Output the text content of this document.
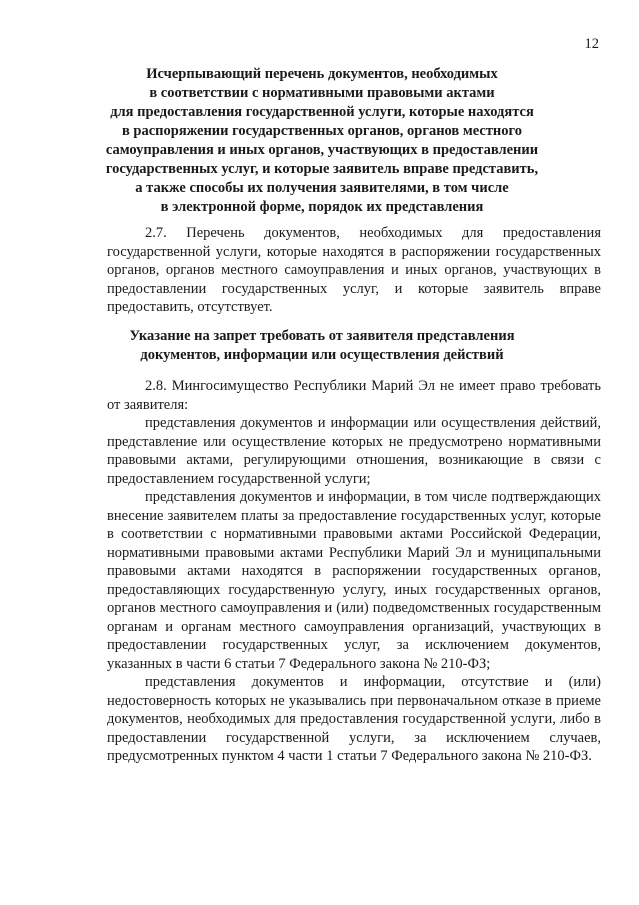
12
Исчерпывающий перечень документов, необходимых
в соответствии с нормативными правовыми актами
для предоставления государственной услуги, которые находятся
в распоряжении государственных органов, органов местного
самоуправления и иных органов, участвующих в предоставлении
государственных услуг, и которые заявитель вправе представить,
а также способы их получения заявителями, в том числе
в электронной форме, порядок их представления

2.7. Перечень документов, необходимых для предоставления государственной услуги, которые находятся в распоряжении государственных органов, органов местного самоуправления и иных органов, участвующих в предоставлении государственных услуг, и которые заявитель вправе предоставить, отсутствует.

Указание на запрет требовать от заявителя представления
документов, информации или осуществления действий

2.8. Мингосимущество Республики Марий Эл не имеет право требовать от заявителя:

представления документов и информации или осуществления действий, представление или осуществление которых не предусмотрено нормативными правовыми актами, регулирующими отношения, возникающие в связи с предоставлением государственной услуги;

представления документов и информации, в том числе подтверждающих внесение заявителем платы за предоставление государственных услуг, которые в соответствии с нормативными правовыми актами Российской Федерации, нормативными правовыми актами Республики Марий Эл и муниципальными правовыми актами находятся в распоряжении государственных органов, предоставляющих государственную услугу, иных государственных органов, органов местного самоуправления и (или) подведомственных государственным органам и органам местного самоуправления организаций, участвующих в предоставлении государственных услуг, за исключением документов, указанных в части 6 статьи 7 Федерального закона № 210-ФЗ;

представления документов и информации, отсутствие и (или) недостоверность которых не указывались при первоначальном отказе в приеме документов, необходимых для предоставления государственной услуги, либо в предоставлении государственной услуги, за исключением случаев, предусмотренных пунктом 4 части 1 статьи 7 Федерального закона № 210-ФЗ.
